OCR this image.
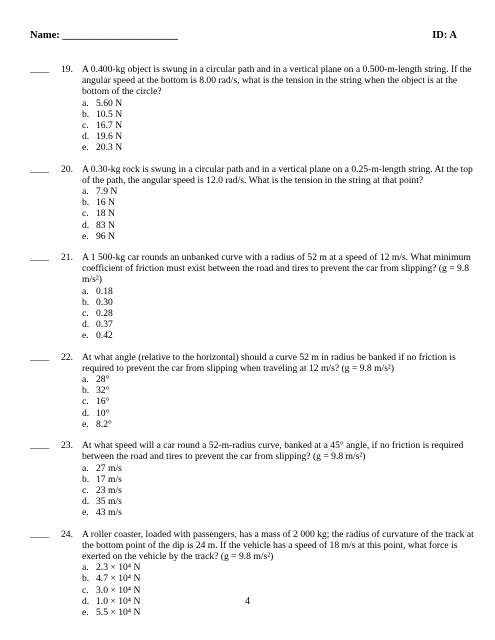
Name: ______________________	ID: A
____ 19. A 0.400-kg object is swung in a circular path and in a vertical plane on a 0.500-m-length string. If the angular speed at the bottom is 8.00 rad/s, what is the tension in the string when the object is at the bottom of the circle?
a. 5.60 N
b. 10.5 N
c. 16.7 N
d. 19.6 N
e. 20.3 N
____ 20. A 0.30-kg rock is swung in a circular path and in a vertical plane on a 0.25-m-length string. At the top of the path, the angular speed is 12.0 rad/s. What is the tension in the string at that point?
a. 7.9 N
b. 16 N
c. 18 N
d. 83 N
e. 96 N
____ 21. A 1 500-kg car rounds an unbanked curve with a radius of 52 m at a speed of 12 m/s. What minimum coefficient of friction must exist between the road and tires to prevent the car from slipping? (g = 9.8 m/s²)
a. 0.18
b. 0.30
c. 0.28
d. 0.37
e. 0.42
____ 22. At what angle (relative to the horizontal) should a curve 52 m in radius be banked if no friction is required to prevent the car from slipping when traveling at 12 m/s? (g = 9.8 m/s²)
a. 28°
b. 32°
c. 16°
d. 10°
e. 8.2°
____ 23. At what speed will a car round a 52-m-radius curve, banked at a 45° angle, if no friction is required between the road and tires to prevent the car from slipping? (g = 9.8 m/s²)
a. 27 m/s
b. 17 m/s
c. 23 m/s
d. 35 m/s
e. 43 m/s
____ 24. A roller coaster, loaded with passengers, has a mass of 2 000 kg; the radius of curvature of the track at the bottom point of the dip is 24 m. If the vehicle has a speed of 18 m/s at this point, what force is exerted on the vehicle by the track? (g = 9.8 m/s²)
a. 2.3 × 10⁴ N
b. 4.7 × 10⁴ N
c. 3.0 × 10⁴ N
d. 1.0 × 10⁴ N
e. 5.5 × 10⁴ N
4
